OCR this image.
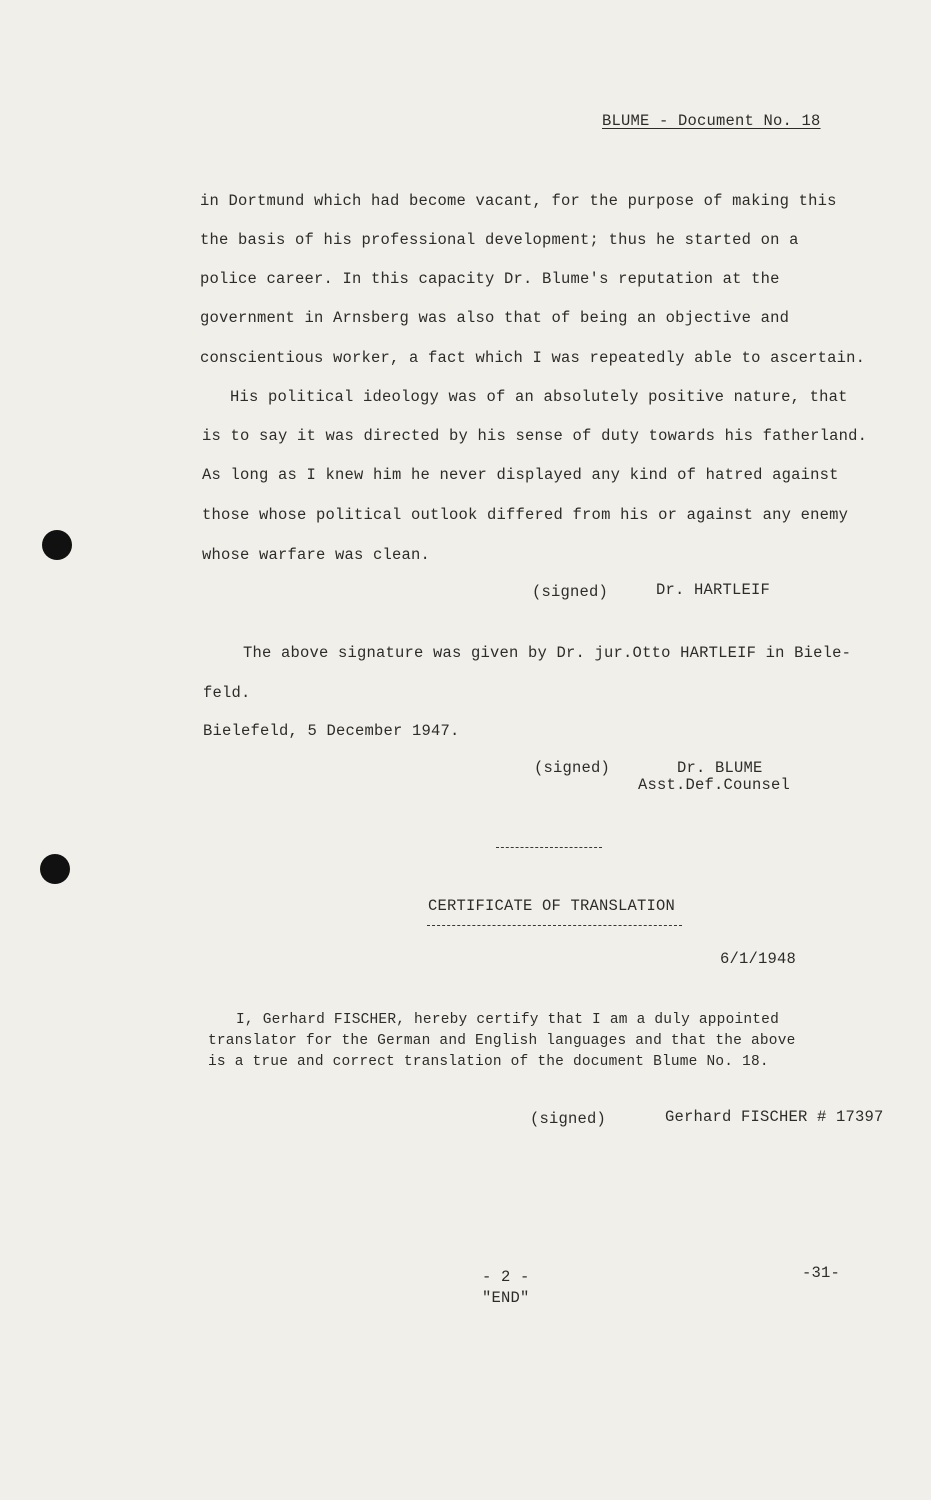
BLUME - Document No. 18
in Dortmund which had become vacant, for the purpose of making this
the basis of his professional development; thus he started on a
police career. In this capacity Dr. Blume's reputation at the
government in Arnsberg was also that of being an objective and
conscientious worker, a fact which I was repeatedly able to ascertain.
His political ideology was of an absolutely positive nature, that
is to say it was directed by his sense of duty towards his fatherland.
As long as I knew him he never displayed any kind of hatred against
those whose political outlook differed from his or against any enemy
whose warfare was clean.
(signed)	Dr. HARTLEIF
The above signature was given by Dr. jur.Otto HARTLEIF in Biele-
feld.
Bielefeld, 5 December 1947.
(signed)	Dr. BLUME
Asst.Def.Counsel
CERTIFICATE OF TRANSLATION
6/1/1948
I, Gerhard FISCHER, hereby certify that I am a duly appointed
translator for the German and English languages and that the above
is a true and correct translation of the document Blume No. 18.
(signed)	Gerhard FISCHER # 17397
- 2 -
"END"
-31-
